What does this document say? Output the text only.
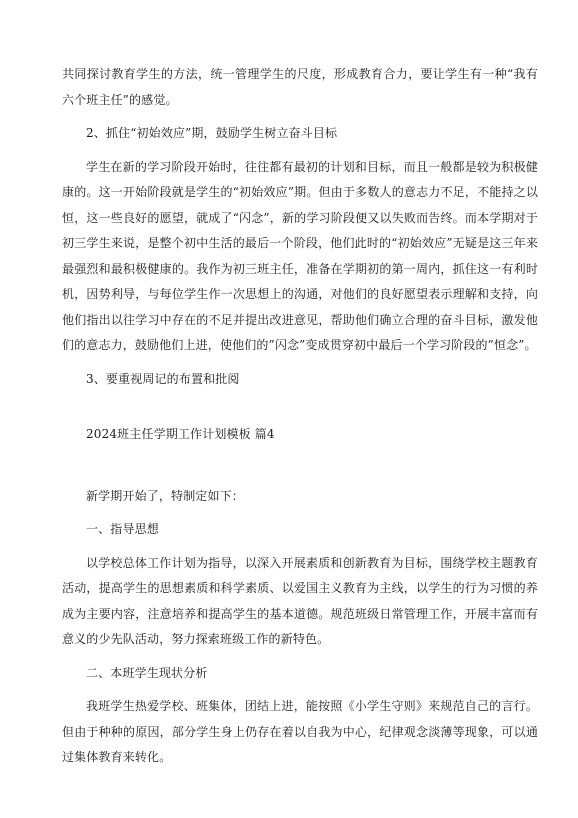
共同探讨教育学生的方法，统一管理学生的尺度，形成教育合力，要让学生有一种“我有六个班主任”的感觉。

2、抓住“初始效应”期，鼓励学生树立奋斗目标

学生在新的学习阶段开始时，往往都有最初的计划和目标，而且一般都是较为积极健康的。这一开始阶段就是学生的“初始效应”期。但由于多数人的意志力不足，不能持之以恒，这一些良好的愿望，就成了“闪念”，新的学习阶段便又以失败而告终。而本学期对于初三学生来说，是整个初中生活的最后一个阶段，他们此时的“初始效应”无疑是这三年来最强烈和最积极健康的。我作为初三班主任，准备在学期初的第一周内，抓住这一有利时机，因势利导，与每位学生作一次思想上的沟通，对他们的良好愿望表示理解和支持，向他们指出以往学习中存在的不足并提出改进意见，帮助他们确立合理的奋斗目标，激发他们的意志力，鼓励他们上进，使他们的”闪念”变成贯穿初中最后一个学习阶段的”恒念”。

3、要重视周记的布置和批阅

2024班主任学期工作计划模板 篇4

新学期开始了，特制定如下：

一、指导思想

以学校总体工作计划为指导，以深入开展素质和创新教育为目标，围绕学校主题教育活动，提高学生的思想素质和科学素质、以爱国主义教育为主线，以学生的行为习惯的养成为主要内容，注意培养和提高学生的基本道德。规范班级日常管理工作，开展丰富而有意义的少先队活动，努力探索班级工作的新特色。

二、本班学生现状分析

我班学生热爱学校、班集体，团结上进，能按照《小学生守则》来规范自己的言行。但由于种种的原因，部分学生身上仍存在着以自我为中心，纪律观念淡薄等现象，可以通过集体教育来转化。
